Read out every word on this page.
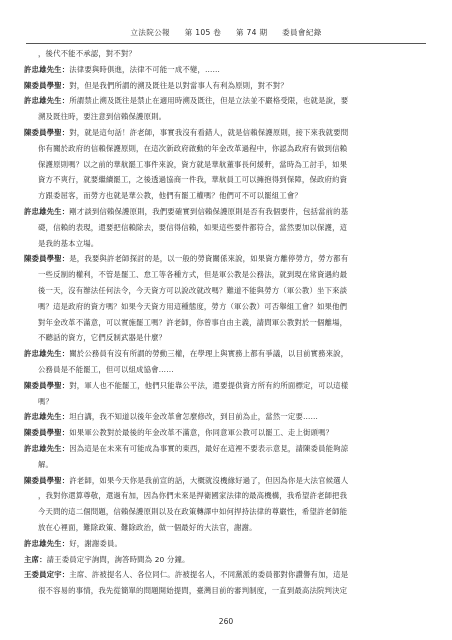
立法院公報 第 105 卷 第 74 期 委員會紀錄
，後代不能不承認，對不對？
許忠雄先生：法律要與時俱進，法律不可能一成不變，……
陳委員學聖：對，但是我們所謂的溯及既往是以對當事人有利為原則，對不對？
許忠雄先生：所謂禁止溯及既往是禁止在適用時溯及既往，但是立法並不嚴格受限，也就是說，要
溯及既往時，要注意到信賴保護原則。
陳委員學聖：對，就是這句話！許老師，事實我沒有看錯人，就是信賴保護原則，接下來我就要問
你有關於政府的信賴保護原則，在這次新政府啟動的年金改革過程中，你認為政府有做到信賴
保護原則嗎？以之前的華航罷工事件來說，資方就是華航董事長何煖軒，當時為工討手，如果
資方不爽行，就要繼續罷工，之後透過協商一件我，華航員工可以擁抱得到保障，保政府約資
方跟委屈客，而勞方也就是華公教，他們有罷工權嗎？他們可不可以罷組工會？
許忠雄先生：剛才談到信賴保護原則，我們要確實到信賴保護原則是否有我個要件，包括當前的基
礎，信賴的表現，還要把信賴除去，要信得信賴，如果這些要件都符合，當然要加以保護，這
是我的基本立場。
陳委員學聖：是，我要與許老師探討的是，以一般的勞資關係來說，如果資方離停勞方，勞方都有
一些反制的權利，不管是罷工、怠工等各種方式，但是軍公教是公務法，就到現在常資遇約最
後一天，沒有辦法任何法令，今天資方可以說改就改嗎？難道不能與勞方（軍公教）坐下來談
嗎？這是政府的資方嗎？如果今天資方用這種態度，勞方（軍公教）可否舉組工會？如果他們
對年金改革不滿意，可以實施罷工嗎？許老師，你曾事自由主義，請問軍公教對於一個離場，
不聽話的資方，它們反制武器是什麼？
許忠雄先生：關於公務員有沒有所謂的勞動三權，在學理上與實務上都有爭議，以目前實務來說，
公務員是不能罷工，但可以組成協會……
陳委員學聖：對，軍人也不能罷工，他們只能靠公平法，還要提供資方所有約所面標定，可以這樣
嗎？
許忠雄先生：坦白講，我不知道以後年金改革會怎麼修改，到目前為止，當然一定要……
陳委員學聖：如果軍公教對於最後的年金改革不滿意，你同意軍公教可以罷工、走上街頭嗎？
許忠雄先生：因為這是在未來有可能成為事實的東西，最好在這裡不要表示意見，請陳委員能夠諒
解。
陳委員學聖：許老師，如果今天你是我前宣的話，大概就沒機緣好過了，但因為你是大法官候選人
，我對你還算尊敬，還過有加，因為你們未來是捍衛國家法律的最高機構，我希望許老師把我
今天問的這二個問題，信賴保護原則以及在政策轉譯中如何捍持法律的尊嚴性，希望許老師能
放在心裡面，難除政策、難除政治，做一個最好的大法官，謝謝。
許忠雄先生：好，謝謝委員。
主席：請王委員定宇詢問，詢答時間為 20 分鐘。
王委員定宇：主席、許被提名人、各位同仁。許被提名人，不同黨派的委員都對你讚譽有加，這是
很不容易的事情，我先從簡單的問題開始提問，臺灣目前的審判制度，一直到最高法院判決定
260
